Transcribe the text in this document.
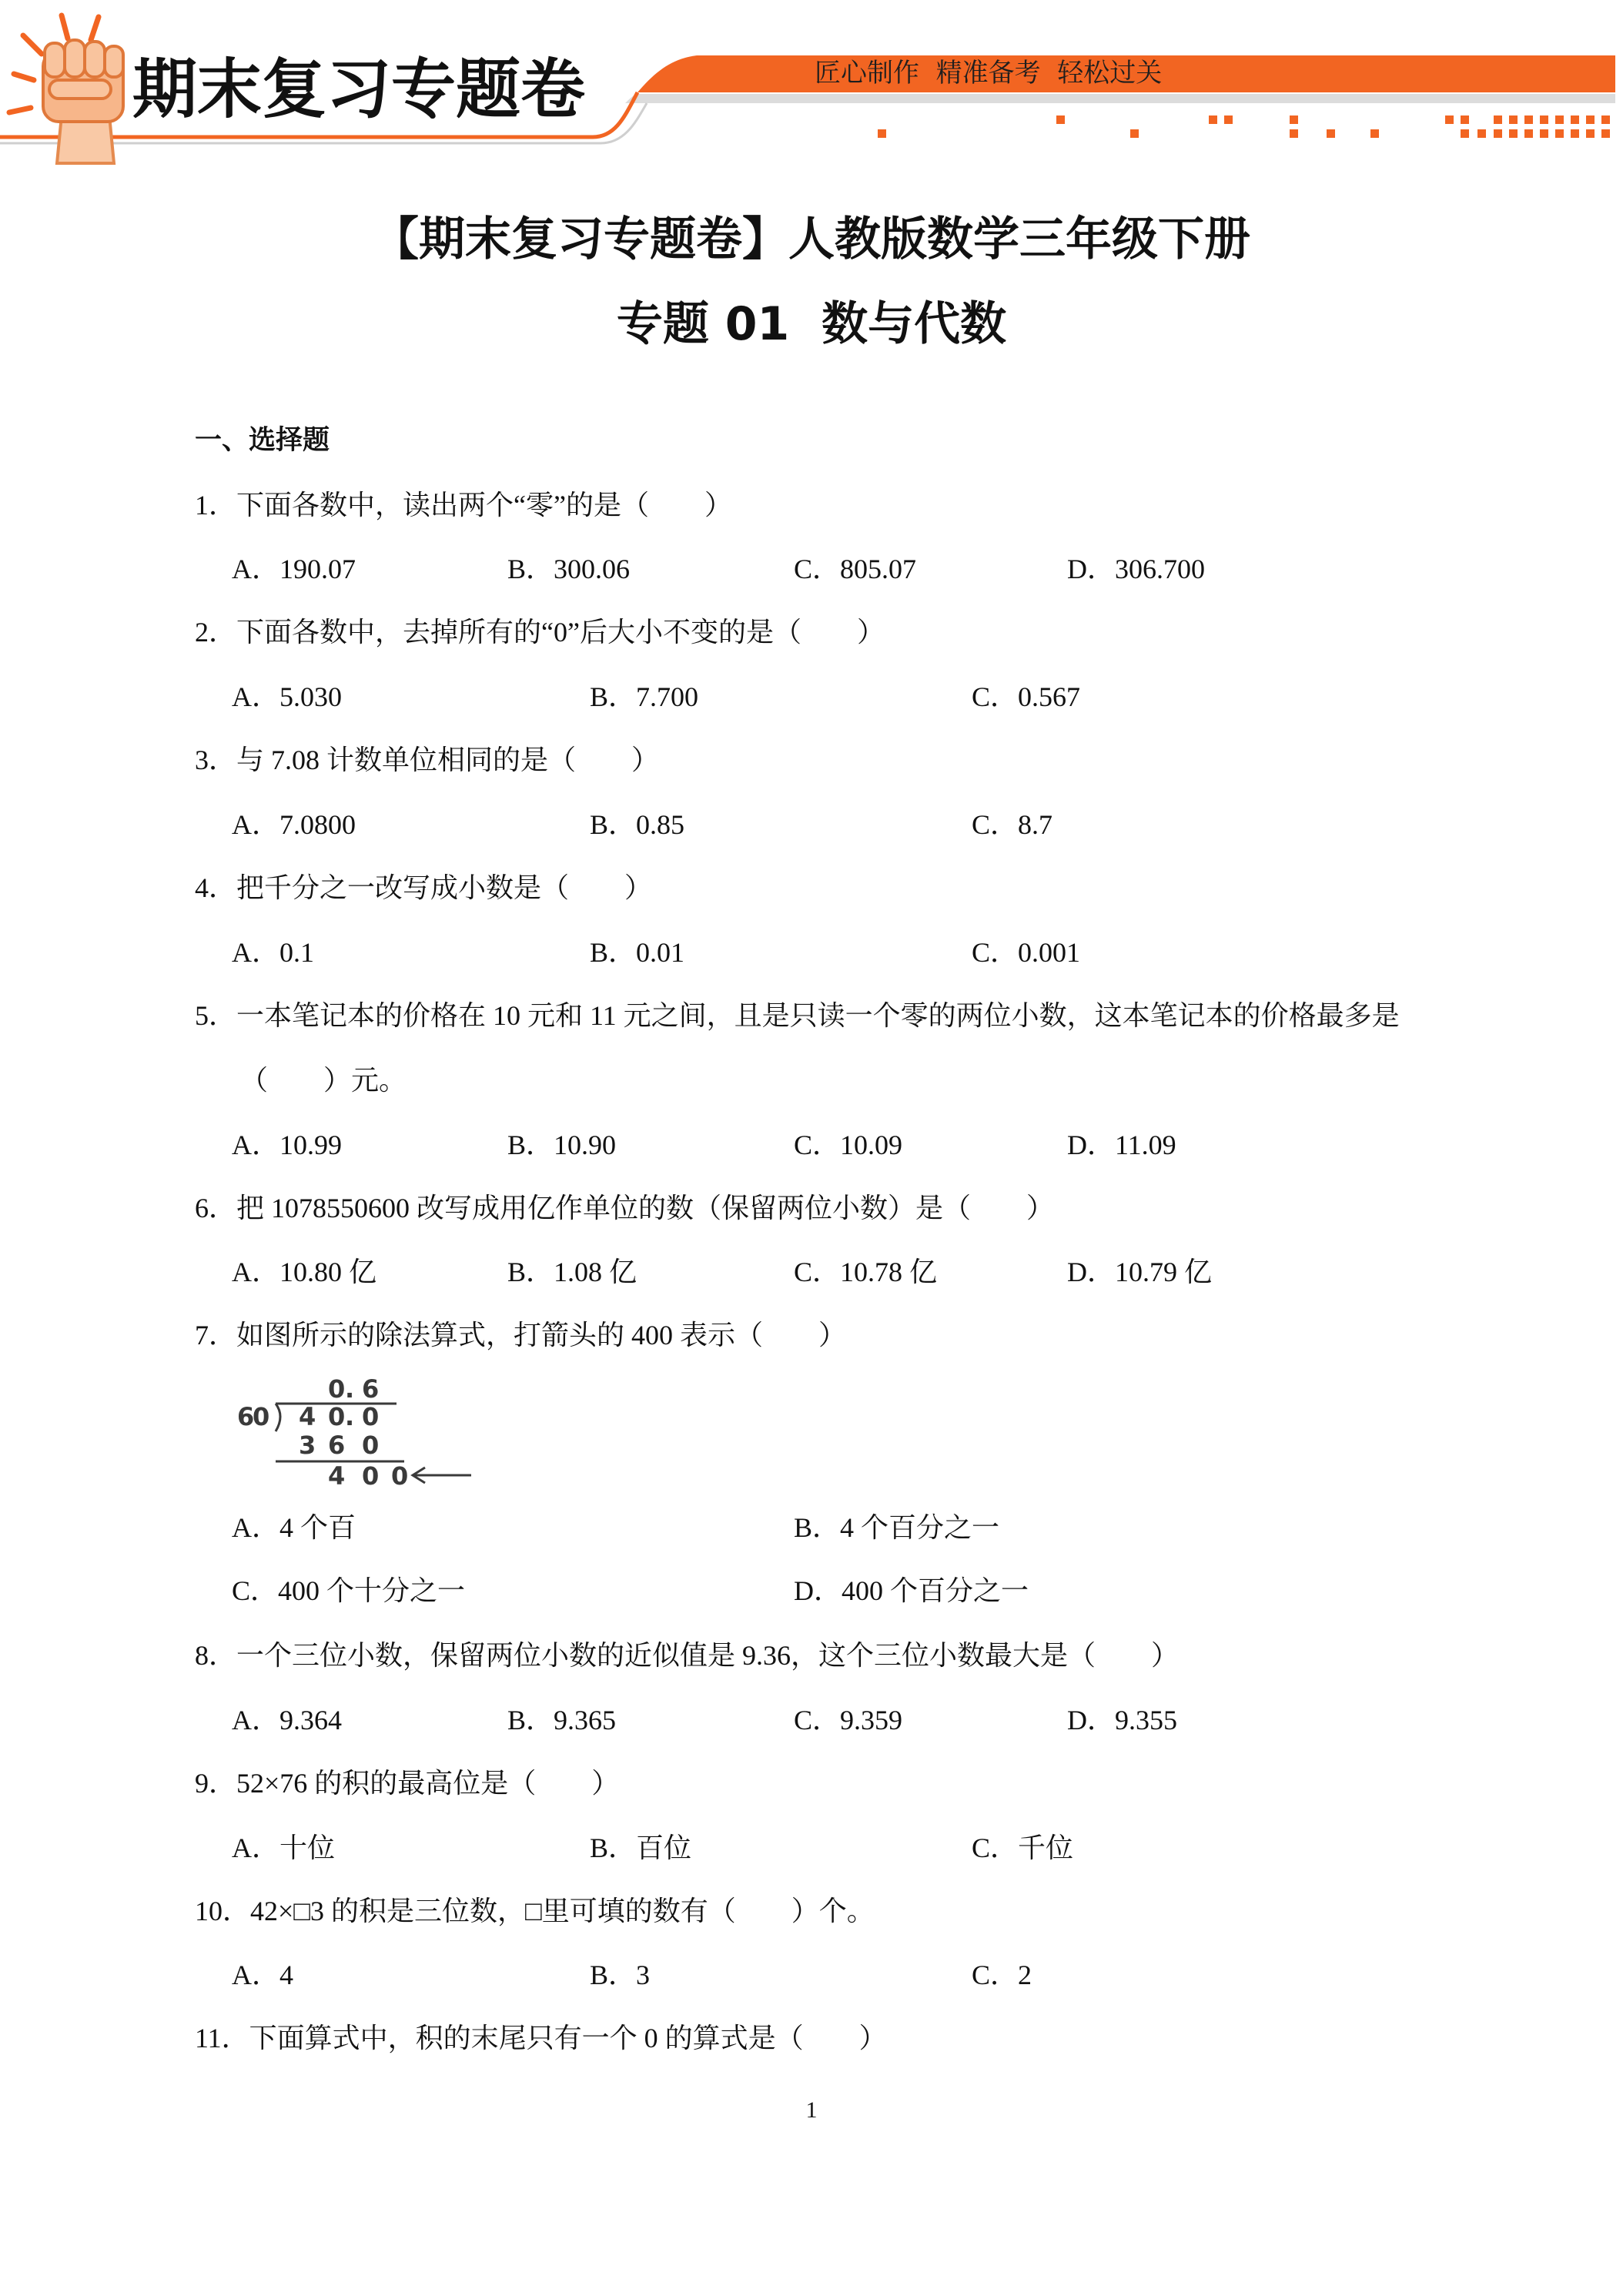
期末复习专题卷	匠心制作  精准备考  轻松过关
【期末复习专题卷】人教版数学三年级下册
专题 01  数与代数
一、选择题
1．下面各数中，读出两个“零”的是（　　）
A．190.07	B．300.06	C．805.07	D．306.700
2．下面各数中，去掉所有的“0”后大小不变的是（　　）
A．5.030	B．7.700	C．0.567
3．与 7.08 计数单位相同的是（　　）
A．7.0800	B．0.85	C．8.7
4．把千分之一改写成小数是（　　）
A．0.1	B．0.01	C．0.001
5．一本笔记本的价格在 10 元和 11 元之间，且是只读一个零的两位小数，这本笔记本的价格最多是
（　　）元。
A．10.99	B．10.90	C．10.09	D．11.09
6．把 1078550600 改写成用亿作单位的数（保留两位小数）是（　　）
A．10.80 亿	B．1.08 亿	C．10.78 亿	D．10.79 亿
7．如图所示的除法算式，打箭头的 400 表示（　　）
0.6
60 40.0
360
400
A．4 个百	B．4 个百分之一
C．400 个十分之一	D．400 个百分之一
8．一个三位小数，保留两位小数的近似值是 9.36，这个三位小数最大是（　　）
A．9.364	B．9.365	C．9.359	D．9.355
9．52×76 的积的最高位是（　　）
A．十位	B．百位	C．千位
10．42×□3 的积是三位数，□里可填的数有（　　）个。
A．4	B．3	C．2
11．下面算式中，积的末尾只有一个 0 的算式是（　　）
1
